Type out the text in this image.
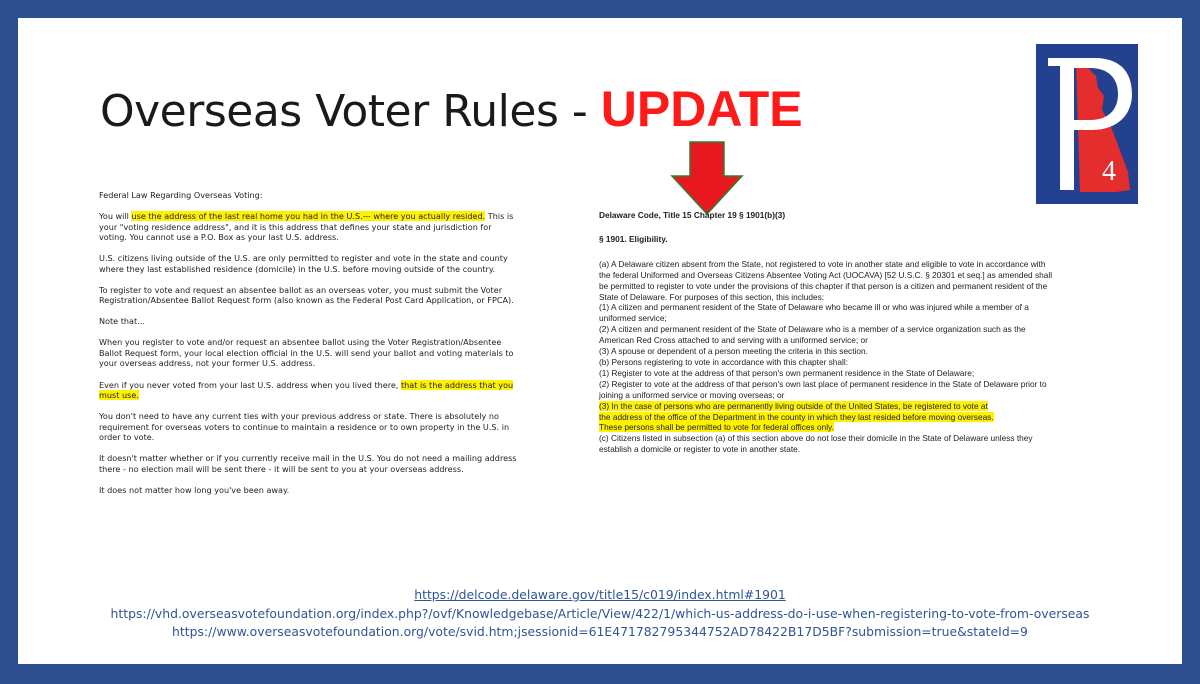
Overseas Voter Rules - UPDATE
4

Federal Law Regarding Overseas Voting:

You will use the address of the last real home you had in the U.S.— where you actually resided. This is your "voting residence address", and it is this address that defines your state and jurisdiction for voting. You cannot use a P.O. Box as your last U.S. address.

U.S. citizens living outside of the U.S. are only permitted to register and vote in the state and county where they last established residence (domicile) in the U.S. before moving outside of the country.

To register to vote and request an absentee ballot as an overseas voter, you must submit the Voter Registration/Absentee Ballot Request form (also known as the Federal Post Card Application, or FPCA).

Note that...

When you register to vote and/or request an absentee ballot using the Voter Registration/Absentee Ballot Request form, your local election official in the U.S. will send your ballot and voting materials to your overseas address, not your former U.S. address.

Even if you never voted from your last U.S. address when you lived there, that is the address that you must use.

You don't need to have any current ties with your previous address or state. There is absolutely no requirement for overseas voters to continue to maintain a residence or to own property in the U.S. in order to vote.

It doesn't matter whether or if you currently receive mail in the U.S. You do not need a mailing address there - no election mail will be sent there - it will be sent to you at your overseas address.

It does not matter how long you've been away.

Delaware Code, Title 15 Chapter 19 § 1901(b)(3)

§ 1901. Eligibility.

(a) A Delaware citizen absent from the State, not registered to vote in another state and eligible to vote in accordance with the federal Uniformed and Overseas Citizens Absentee Voting Act (UOCAVA) [52 U.S.C. § 20301 et seq.] as amended shall be permitted to register to vote under the provisions of this chapter if that person is a citizen and permanent resident of the State of Delaware. For purposes of this section, this includes:

(1) A citizen and permanent resident of the State of Delaware who became ill or who was injured while a member of a uniformed service;

(2) A citizen and permanent resident of the State of Delaware who is a member of a service organization such as the American Red Cross attached to and serving with a uniformed service; or

(3) A spouse or dependent of a person meeting the criteria in this section.

(b) Persons registering to vote in accordance with this chapter shall:

(1) Register to vote at the address of that person's own permanent residence in the State of Delaware;

(2) Register to vote at the address of that person's own last place of permanent residence in the State of Delaware prior to joining a uniformed service or moving overseas; or

(3) In the case of persons who are permanently living outside of the United States, be registered to vote at
the address of the office of the Department in the county in which they last resided before moving overseas.
These persons shall be permitted to vote for federal offices only.

(c) Citizens listed in subsection (a) of this section above do not lose their domicile in the State of Delaware unless they establish a domicile or register to vote in another state.

https://delcode.delaware.gov/title15/c019/index.html#1901
https://vhd.overseasvotefoundation.org/index.php?/ovf/Knowledgebase/Article/View/422/1/which-us-address-do-i-use-when-registering-to-vote-from-overseas
https://www.overseasvotefoundation.org/vote/svid.htm;jsessionid=61E471782795344752AD78422B17D5BF?submission=true&stateId=9
